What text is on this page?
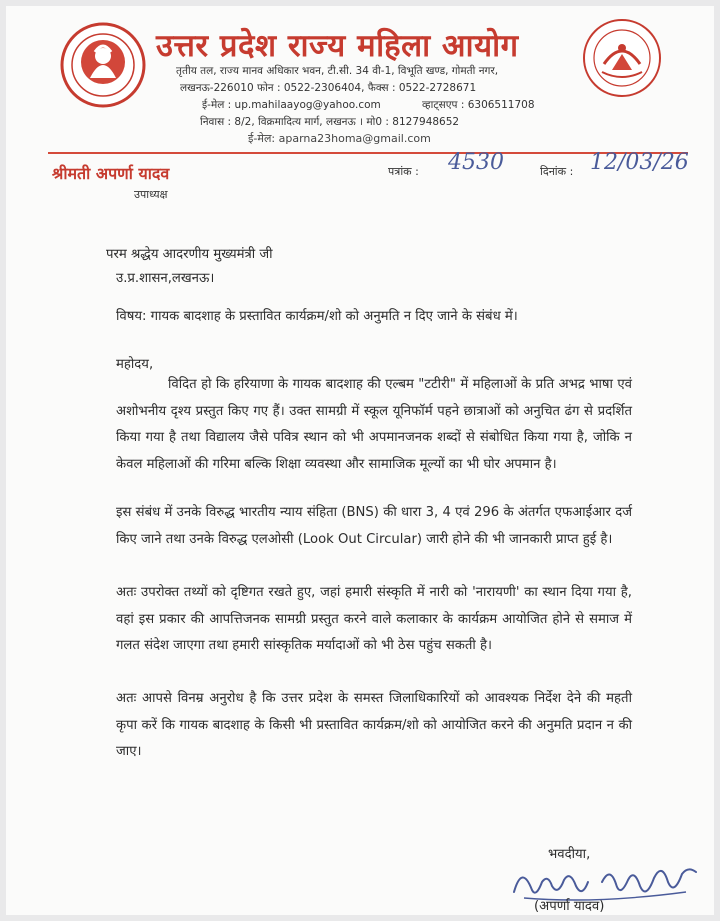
उत्तर प्रदेश राज्य महिला आयोग
तृतीय तल, राज्य मानव अधिकार भवन, टी.सी. 34 वी-1, विभूति खण्ड, गोमती नगर,
लखनऊ-226010 फोन : 0522-2306404, फैक्स : 0522-2728671
ई-मेल : up.mahilaayog@yahoo.com	व्हाट्सएप : 6306511708
निवास : 8/2, विक्रमादित्य मार्ग, लखनऊ । मो0 : 8127948652
ई-मेल: aparna23homa@gmail.com
श्रीमती अपर्णा यादव
उपाध्यक्ष
पत्रांक : 4530	दिनांक : 12/03/26
परम श्रद्धेय आदरणीय मुख्यमंत्री जी
उ.प्र.शासन,लखनऊ।
विषय: गायक बादशाह के प्रस्तावित कार्यक्रम/शो को अनुमति न दिए जाने के संबंध में।
महोदय,
विदित हो कि हरियाणा के गायक बादशाह की एल्बम "टटीरी" में महिलाओं के प्रति अभद्र भाषा एवं अशोभनीय दृश्य प्रस्तुत किए गए हैं। उक्त सामग्री में स्कूल यूनिफॉर्म पहने छात्राओं को अनुचित ढंग से प्रदर्शित किया गया है तथा विद्यालय जैसे पवित्र स्थान को भी अपमानजनक शब्दों से संबोधित किया गया है, जोकि न केवल महिलाओं की गरिमा बल्कि शिक्षा व्यवस्था और सामाजिक मूल्यों का भी घोर अपमान है।
इस संबंध में उनके विरुद्ध भारतीय न्याय संहिता (BNS) की धारा 3, 4 एवं 296 के अंतर्गत एफआईआर दर्ज किए जाने तथा उनके विरुद्ध एलओसी (Look Out Circular) जारी होने की भी जानकारी प्राप्त हुई है।
अतः उपरोक्त तथ्यों को दृष्टिगत रखते हुए, जहां हमारी संस्कृति में नारी को 'नारायणी' का स्थान दिया गया है, वहां इस प्रकार की आपत्तिजनक सामग्री प्रस्तुत करने वाले कलाकार के कार्यक्रम आयोजित होने से समाज में गलत संदेश जाएगा तथा हमारी सांस्कृतिक मर्यादाओं को भी ठेस पहुंच सकती है।
अतः आपसे विनम्र अनुरोध है कि उत्तर प्रदेश के समस्त जिलाधिकारियों को आवश्यक निर्देश देने की महती कृपा करें कि गायक बादशाह के किसी भी प्रस्तावित कार्यक्रम/शो को आयोजित करने की अनुमति प्रदान न की जाए।
भवदीया,
(अपर्णा यादव)
